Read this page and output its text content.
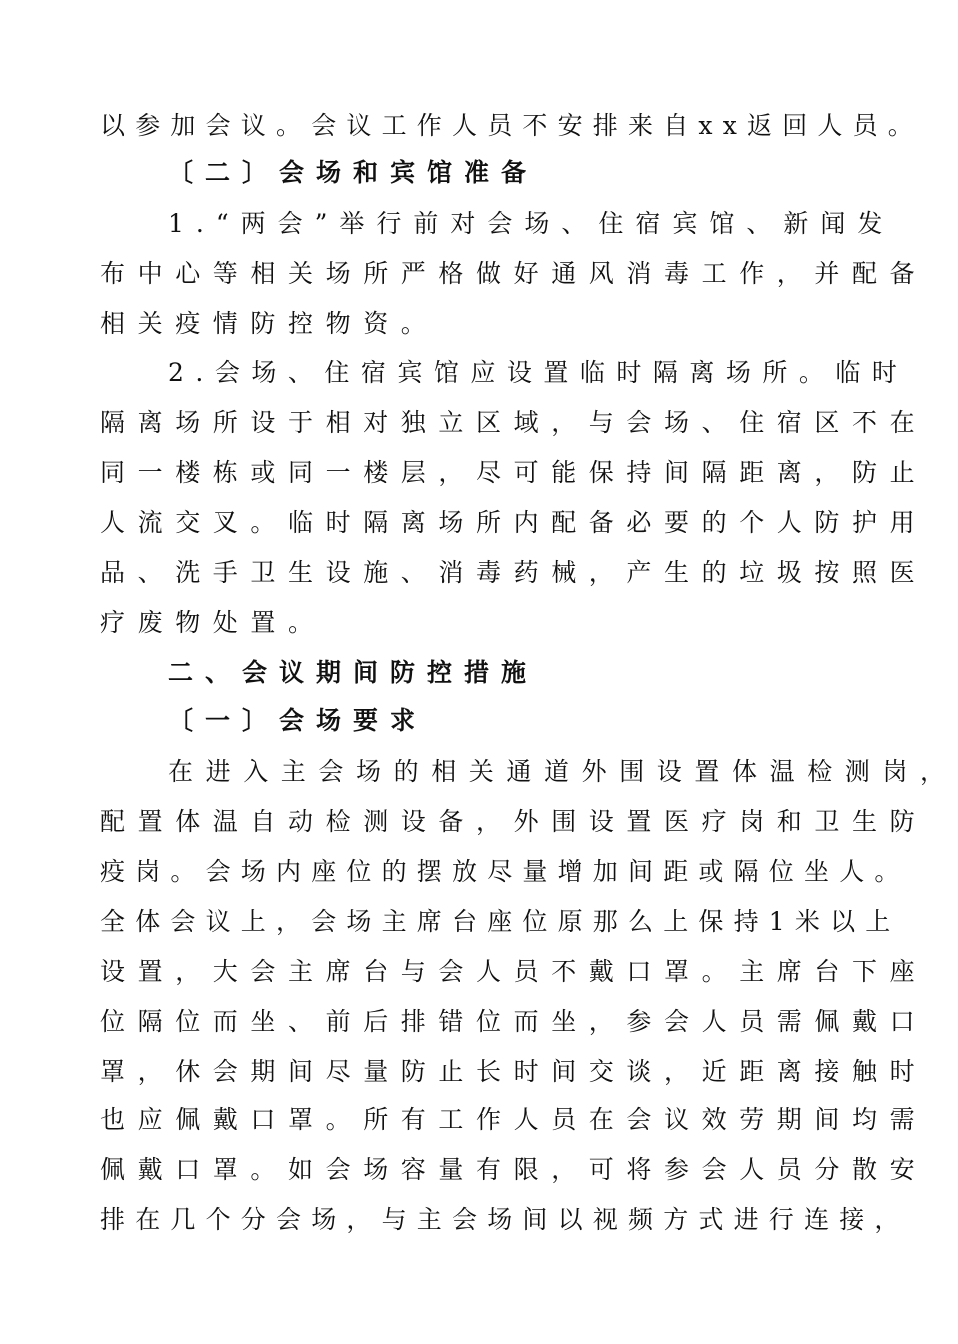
以参加会议。会议工作人员不安排来自xx返回人员。
〔二〕会场和宾馆准备
1.“两会”举行前对会场、住宿宾馆、新闻发
布中心等相关场所严格做好通风消毒工作，并配备
相关疫情防控物资。
2.会场、住宿宾馆应设置临时隔离场所。临时
隔离场所设于相对独立区域，与会场、住宿区不在
同一楼栋或同一楼层，尽可能保持间隔距离，防止
人流交叉。临时隔离场所内配备必要的个人防护用
品、洗手卫生设施、消毒药械，产生的垃圾按照医
疗废物处置。
二、会议期间防控措施
〔一〕会场要求
在进入主会场的相关通道外围设置体温检测岗，
配置体温自动检测设备，外围设置医疗岗和卫生防
疫岗。会场内座位的摆放尽量增加间距或隔位坐人。
全体会议上，会场主席台座位原那么上保持1米以上
设置，大会主席台与会人员不戴口罩。主席台下座
位隔位而坐、前后排错位而坐，参会人员需佩戴口
罩，休会期间尽量防止长时间交谈，近距离接触时
也应佩戴口罩。所有工作人员在会议效劳期间均需
佩戴口罩。如会场容量有限，可将参会人员分散安
排在几个分会场，与主会场间以视频方式进行连接，
